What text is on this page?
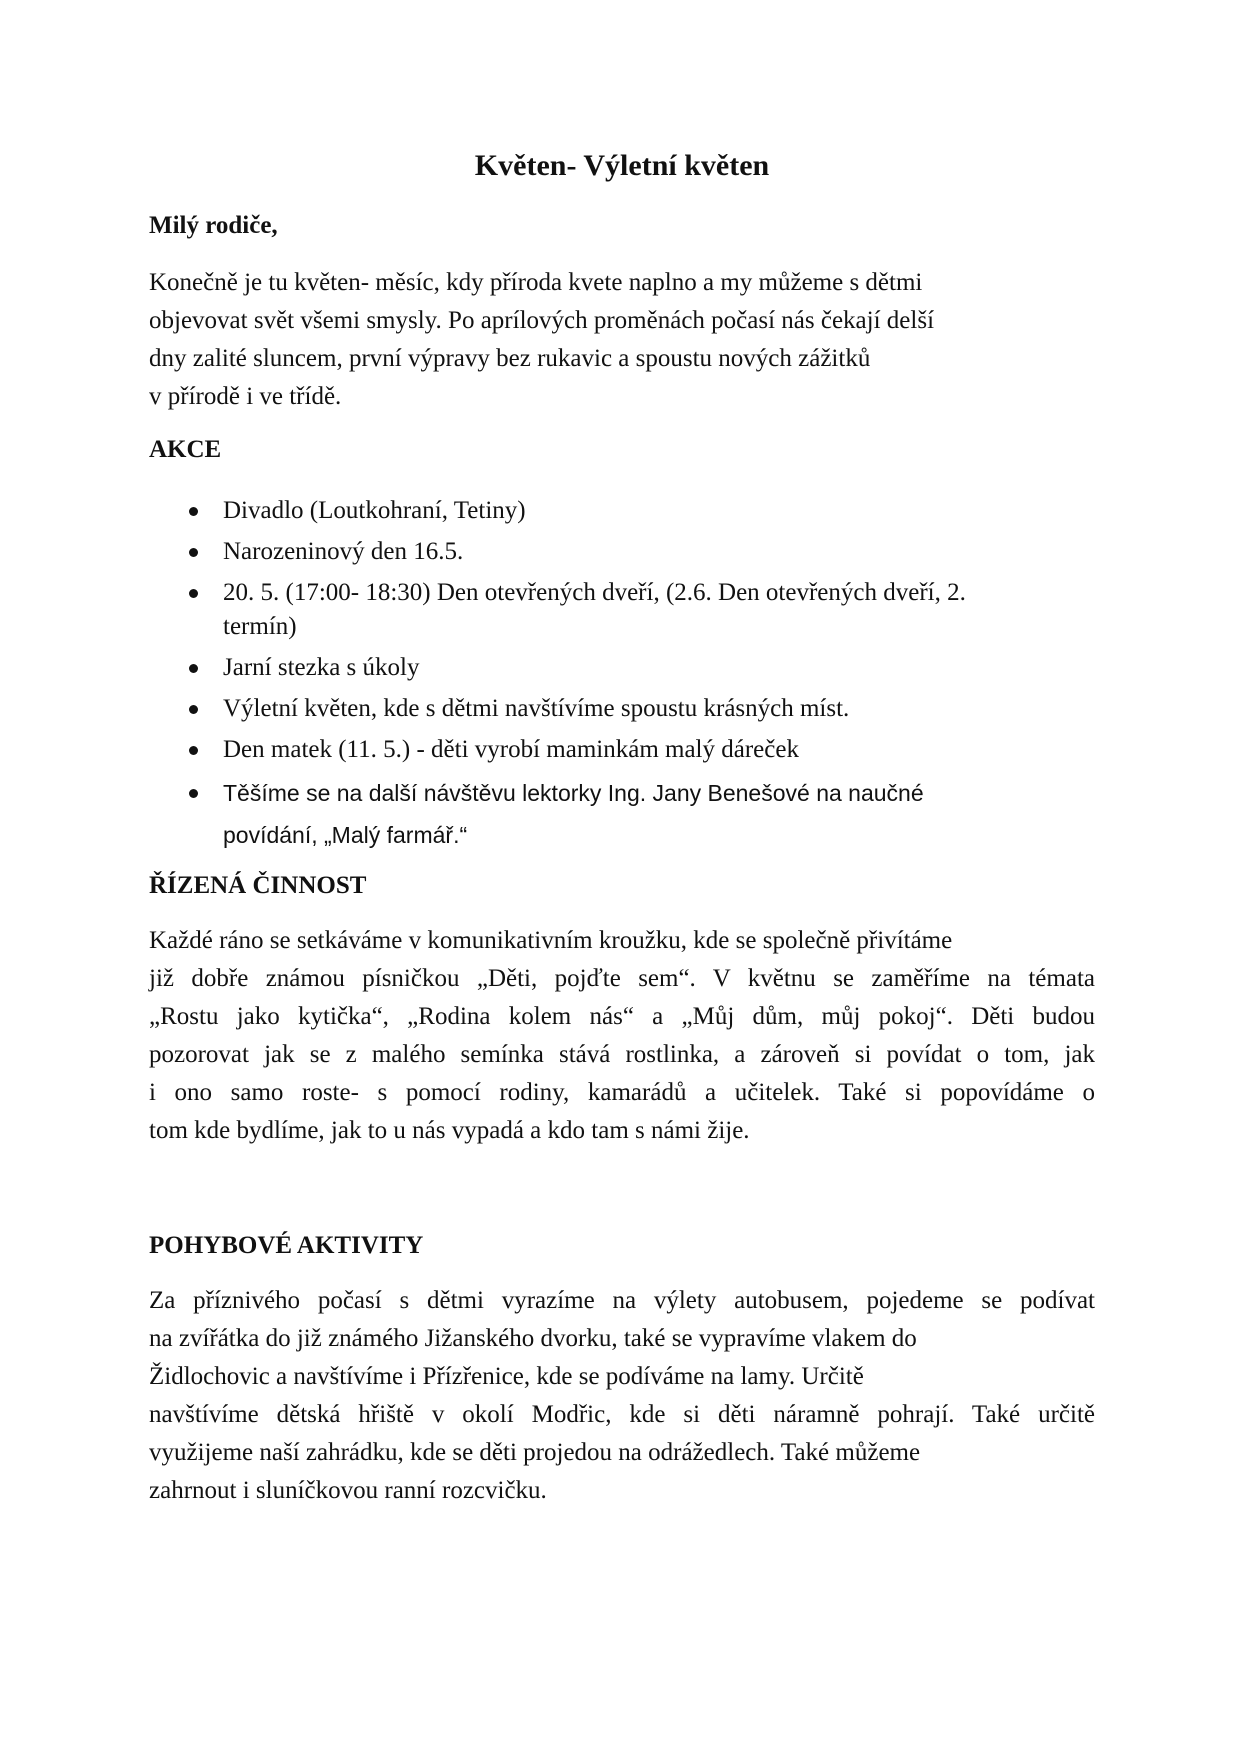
Květen- Výletní květen

Milý rodiče,

Konečně je tu květen- měsíc, kdy příroda kvete naplno a my můžeme s dětmi
objevovat svět všemi smysly. Po aprílových proměnách počasí nás čekají delší
dny zalité sluncem, první výpravy bez rukavic a spoustu nových zážitků
v přírodě i ve třídě.
AKCE
Divadlo (Loutkohraní, Tetiny)
Narozeninový den 16.5.
20. 5. (17:00- 18:30) Den otevřených dveří, (2.6. Den otevřených dveří, 2.
termín)
Jarní stezka s úkoly
Výletní květen, kde s dětmi navštívíme spoustu krásných míst.
Den matek (11. 5.) - děti vyrobí maminkám malý dáreček
Těšíme se na další návštěvu lektorky Ing. Jany Benešové na naučné
povídání, „Malý farmář.“
ŘÍZENÁ ČINNOST
Každé ráno se setkáváme v komunikativním kroužku, kde se společně přivítáme
již dobře známou písničkou „Děti, pojďte sem“. V květnu se zaměříme na témata
„Rostu jako kytička“, „Rodina kolem nás“ a „Můj dům, můj pokoj“. Děti budou
pozorovat jak se z malého semínka stává rostlinka, a zároveň si povídat o tom, jak
i ono samo roste- s pomocí rodiny, kamarádů a učitelek. Také si popovídáme o
tom kde bydlíme, jak to u nás vypadá a kdo tam s námi žije.
POHYBOVÉ AKTIVITY
Za příznivého počasí s dětmi vyrazíme na výlety autobusem, pojedeme se podívat
na zvířátka do již známého Jižanského dvorku, také se vypravíme vlakem do
Židlochovic a navštívíme i Přízřenice, kde se podíváme na lamy. Určitě
navštívíme dětská hřiště v okolí Modřic, kde si děti náramně pohrají. Také určitě
využijeme naší zahrádku, kde se děti projedou na odrážedlech. Také můžeme
zahrnout i sluníčkovou ranní rozcvičku.
